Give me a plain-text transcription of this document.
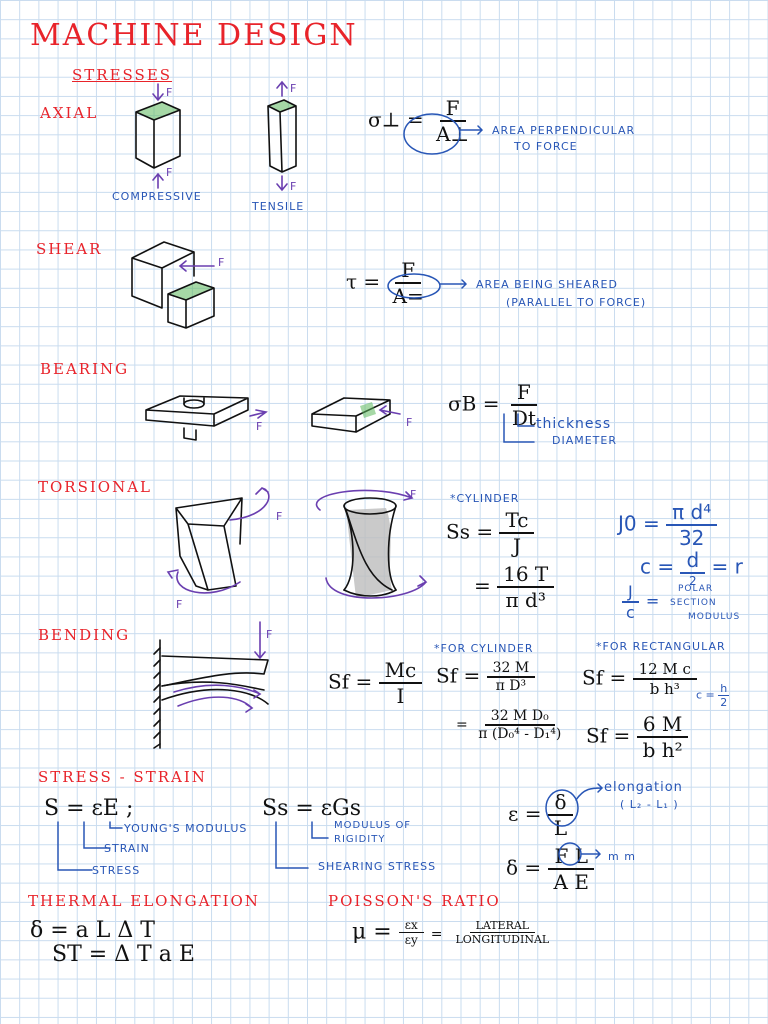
MACHINE DESIGN
STRESSES
AXIAL
F
F
F
F
COMPRESSIVE
TENSILE
σ⊥ = $\frac{F}{A\perp}$ AREA PERPENDICULAR
TO FORCE
SHEAR
F
$\tau = \frac{F}{A=}$	AREA BEING SHEARED
(PARALLEL TO FORCE)
BEARING
F	F
$\sigma B = \frac{F}{Dt}$
thickness
DIAMETER
TORSIONAL
F
F
F	*CYLINDER
$Ss = \frac{Tc}{J}$
= $\frac{16 T}{\text{π d³}}$
$J0 = \frac{\text{π d⁴}}{32}$
$c = \frac{d}{2} = r$
$\frac{J}{c}$ =
POLAR
SECTION
MODULUS
BENDING	F
$Sf = \frac{Mc}{I}$
*FOR CYLINDER	*FOR RECTANGULAR
$Sf = \frac{32 M}{\text{π D³}}$
= $\frac{\text{32 M D₀}}{\text{π (D₀⁴ - D₁⁴)}}$
$Sf = \frac{\text{12 M c}}{\text{b h³}}$ $c = \frac{h}{2}$
$Sf = \frac{6 M}{\text{b h²}}$
STRESS - STRAIN
S = εE ;
YOUNG'S MODULUS
STRAIN
STRESS
Ss = εGs
MODULUS OF
RIGIDITY
SHEARING STRESS
$\varepsilon = \frac{\delta}{L}$
elongation
( L₂ - L₁ )
$\delta = \frac{\text{F L}}{\text{A E}}$ m m
THERMAL ELONGATION
δ = a L Δ T
ST = Δ T a E
POISSON'S RATIO
$\mu = \frac{\varepsilon x}{\varepsilon y} = \frac{\text{LATERAL}}{\text{LONGITUDINAL}}$
